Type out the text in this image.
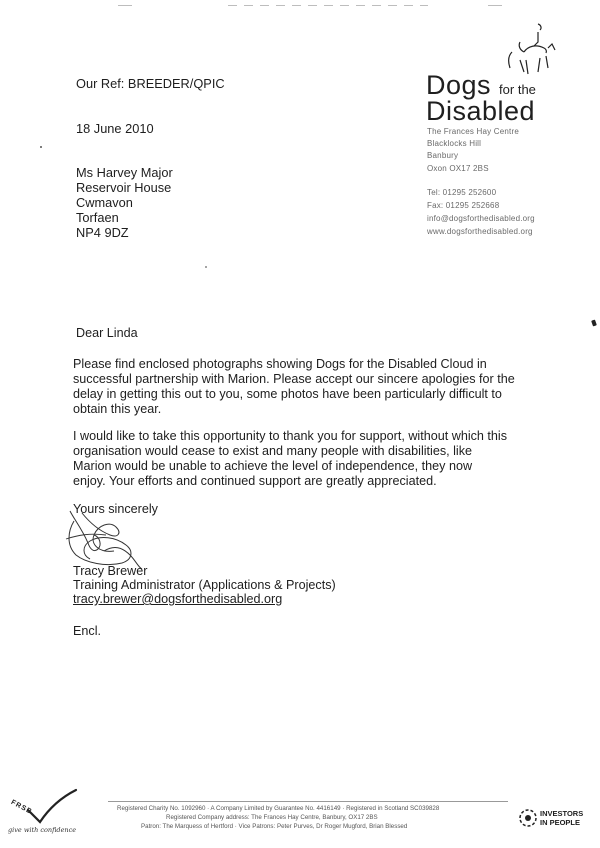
Dogs for the
Disabled
The Frances Hay Centre
Blacklocks Hill
Banbury
Oxon OX17 2BS
Tel: 01295 252600
Fax: 01295 252668
info@dogsforthedisabled.org
www.dogsforthedisabled.org
Our Ref: BREEDER/QPIC
18 June 2010
Ms Harvey Major
Reservoir House
Cwmavon
Torfaen
NP4 9DZ
Dear Linda
Please find enclosed photographs showing Dogs for the Disabled Cloud in
successful partnership with Marion. Please accept our sincere apologies for the
delay in getting this out to you, some photos have been particularly difficult to
obtain this year.
I would like to take this opportunity to thank you for support, without which this
organisation would cease to exist and many people with disabilities, like
Marion would be unable to achieve the level of independence, they now
enjoy. Your efforts and continued support are greatly appreciated.
Yours sincerely
Tracy Brewer
Training Administrator (Applications & Projects)
tracy.brewer@dogsforthedisabled.org
Encl.
Registered Charity No. 1092960 · A Company Limited by Guarantee No. 4416149 · Registered in Scotland SC039828
Registered Company address: The Frances Hay Centre, Banbury, OX17 2BS
Patron: The Marquess of Hertford · Vice Patrons: Peter Purves, Dr Roger Mugford, Brian Blessed
FRSB
give with confidence
INVESTORS
IN PEOPLE
